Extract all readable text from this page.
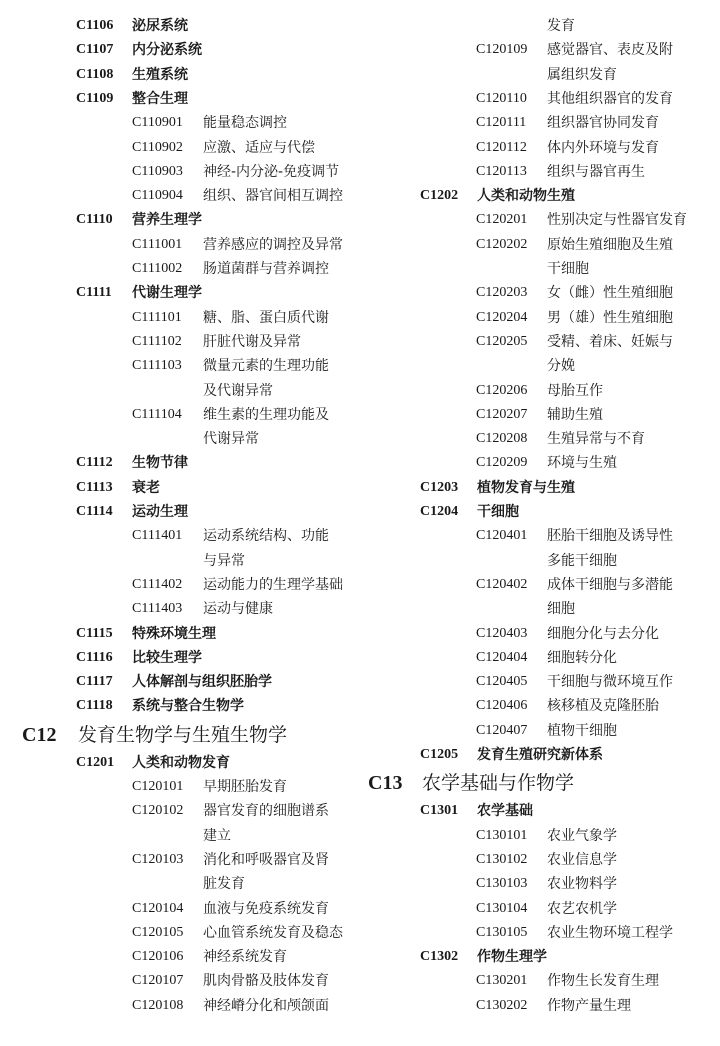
C1106 泌尿系统
C1107 内分泌系统
C1108 生殖系统
C1109 整合生理
C110901 能量稳态调控
C110902 应激、适应与代偿
C110903 神经-内分泌-免疫调节
C110904 组织、器官间相互调控
C1110 营养生理学
C111001 营养感应的调控及异常
C111002 肠道菌群与营养调控
C1111 代谢生理学
C111101 糖、脂、蛋白质代谢
C111102 肝脏代谢及异常
C111103 微量元素的生理功能
及代谢异常
C111104 维生素的生理功能及
代谢异常
C1112 生物节律
C1113 衰老
C1114 运动生理
C111401 运动系统结构、功能
与异常
C111402 运动能力的生理学基础
C111403 运动与健康
C1115 特殊环境生理
C1116 比较生理学
C1117 人体解剖与组织胚胎学
C1118 系统与整合生物学
C12 发育生物学与生殖生物学
C1201 人类和动物发育
C120101 早期胚胎发育
C120102 器官发育的细胞谱系
建立
C120103 消化和呼吸器官及肾
脏发育
C120104 血液与免疫系统发育
C120105 心血管系统发育及稳态
C120106 神经系统发育
C120107 肌肉骨骼及肢体发育
C120108 神经嵴分化和颅颌面
发育
C120109 感觉器官、表皮及附
属组织发育
C120110 其他组织器官的发育
C120111 组织器官协同发育
C120112 体内外环境与发育
C120113 组织与器官再生
C1202 人类和动物生殖
C120201 性别决定与性器官发育
C120202 原始生殖细胞及生殖
干细胞
C120203 女（雌）性生殖细胞
C120204 男（雄）性生殖细胞
C120205 受精、着床、妊娠与
分娩
C120206 母胎互作
C120207 辅助生殖
C120208 生殖异常与不育
C120209 环境与生殖
C1203 植物发育与生殖
C1204 干细胞
C120401 胚胎干细胞及诱导性
多能干细胞
C120402 成体干细胞与多潜能
细胞
C120403 细胞分化与去分化
C120404 细胞转分化
C120405 干细胞与微环境互作
C120406 核移植及克隆胚胎
C120407 植物干细胞
C1205 发育生殖研究新体系
C13 农学基础与作物学
C1301 农学基础
C130101 农业气象学
C130102 农业信息学
C130103 农业物料学
C130104 农艺农机学
C130105 农业生物环境工程学
C1302 作物生理学
C130201 作物生长发育生理
C130202 作物产量生理
